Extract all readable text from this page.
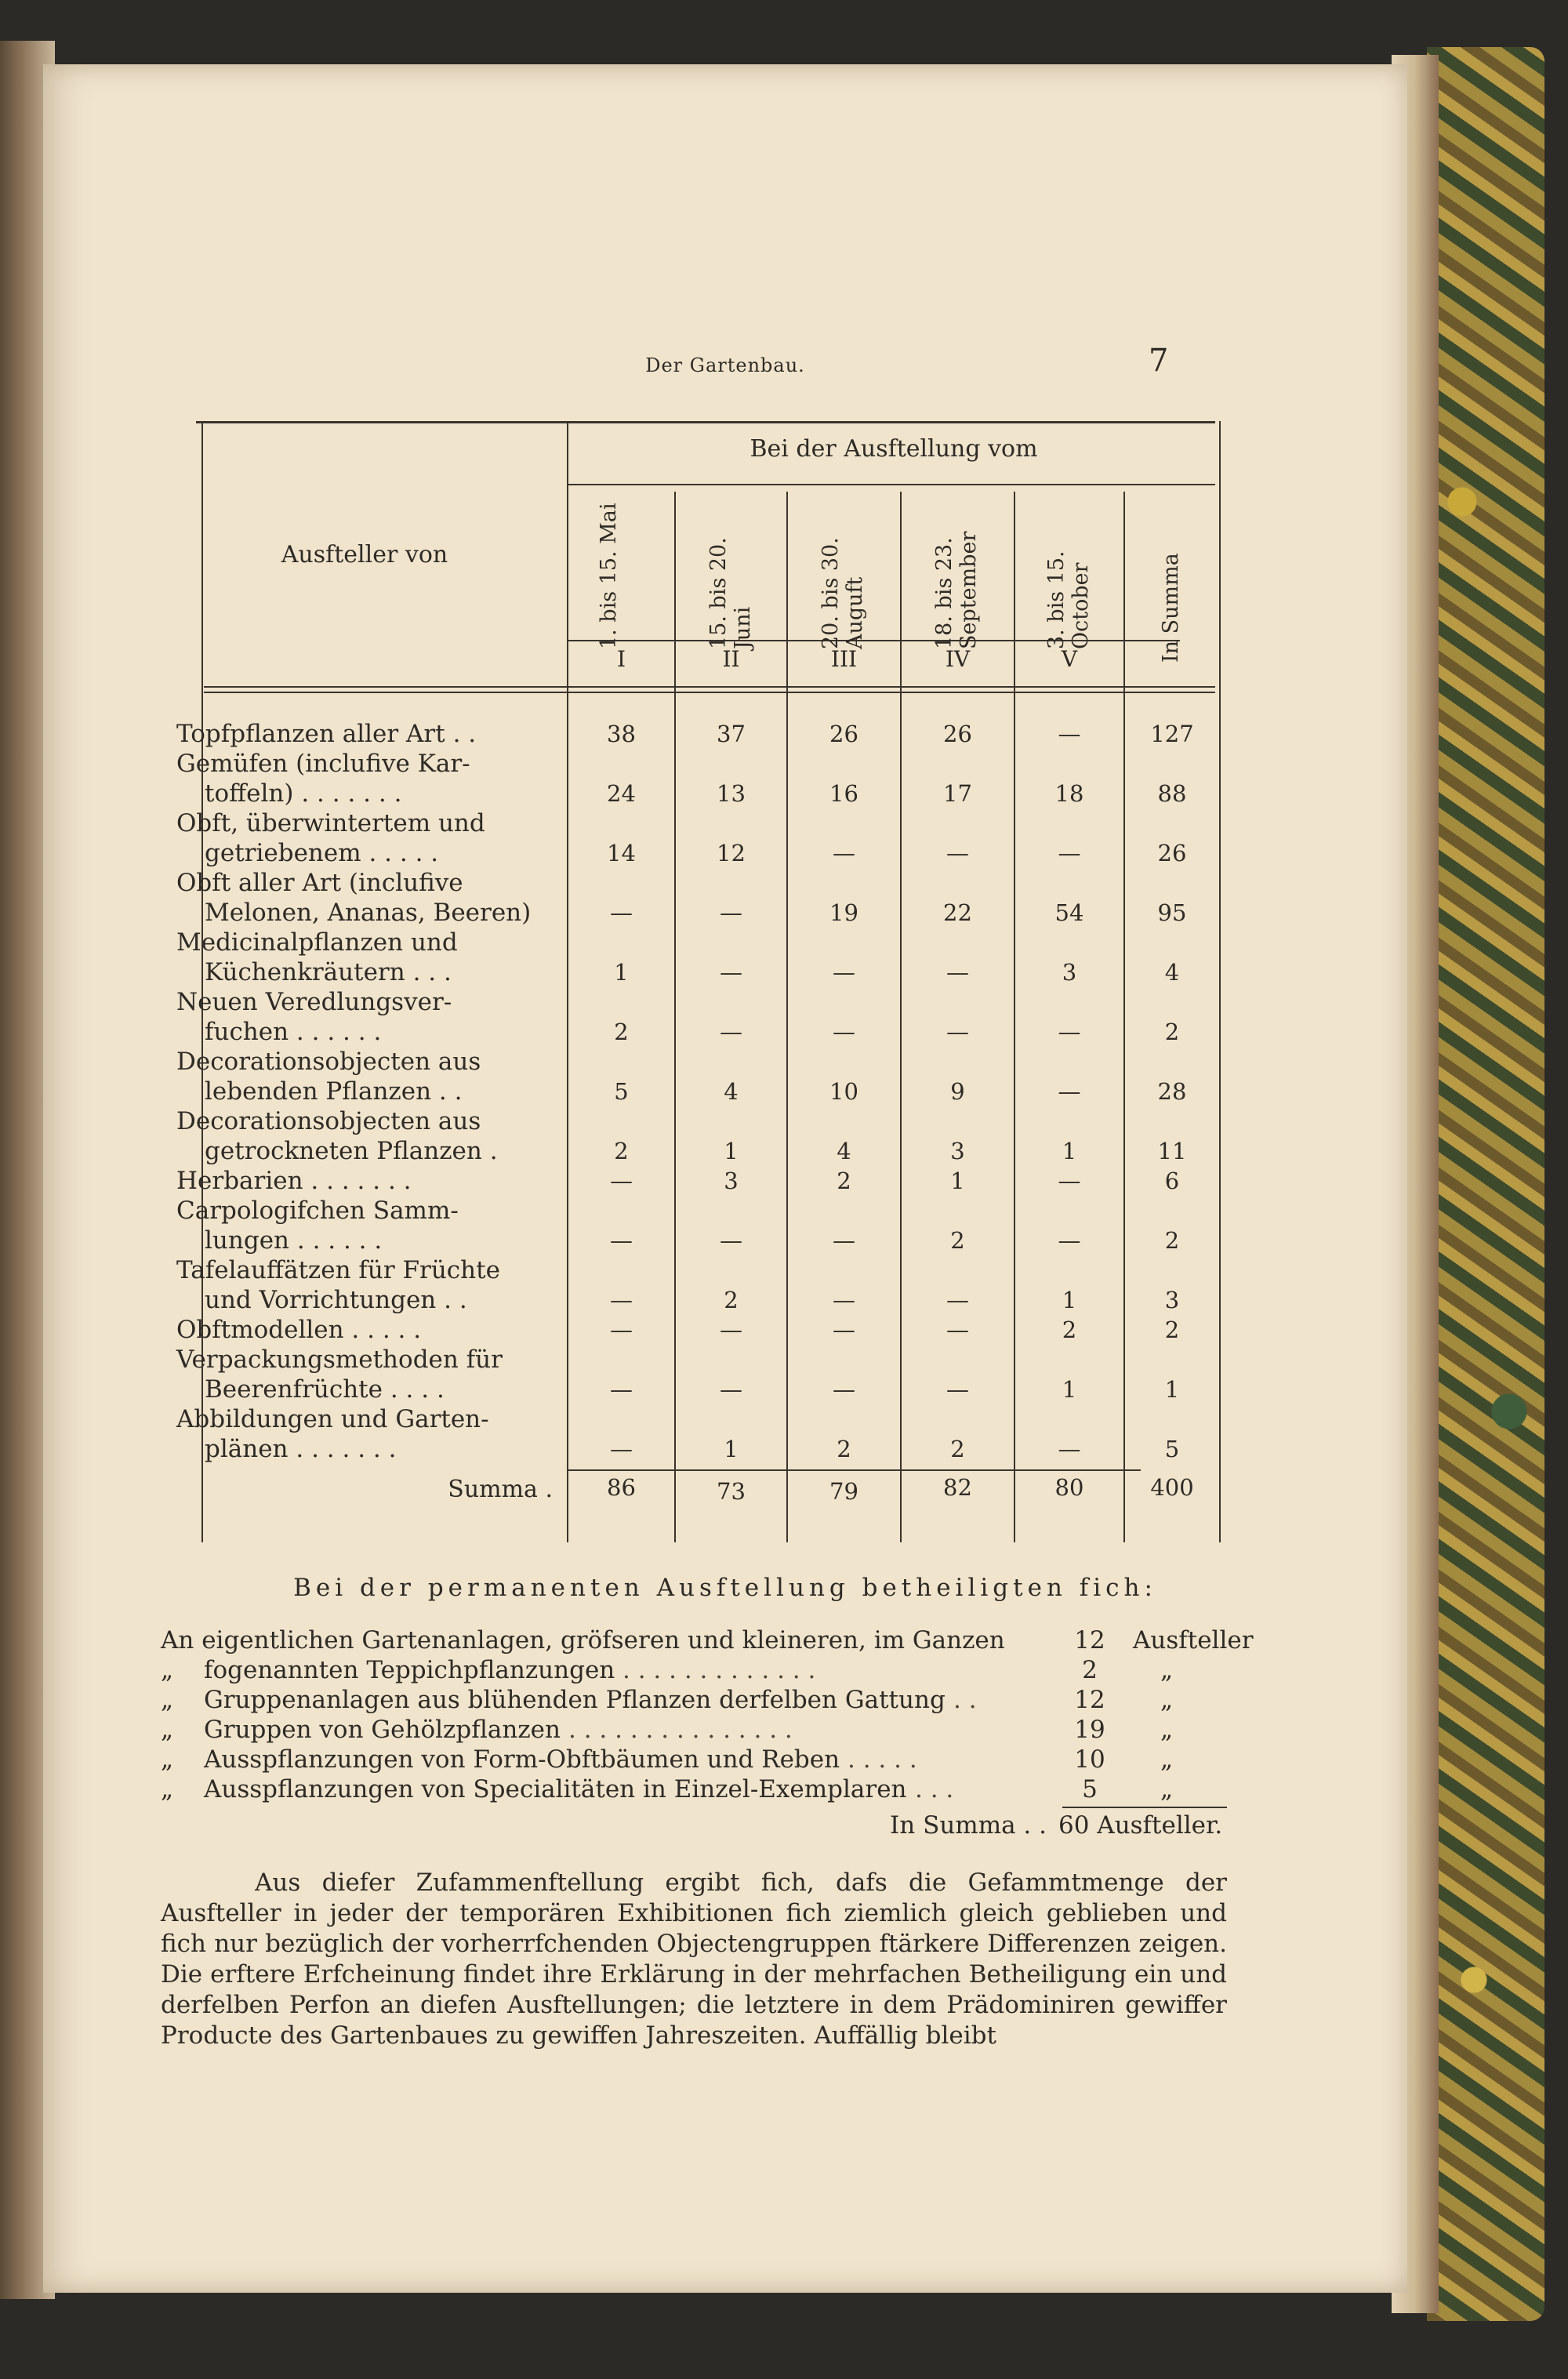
Der Gartenbau.	7
Bei der Ausftellung vom
Ausfteller von	1. bis 15. Mai	15. bis 20. Juni	20. bis 30. Auguft	18. bis 23. September	3. bis 15. October	In Summa
I	II	III	IV	V
Topfpflanzen aller Art . .	38	37	26	26	—	127
Gemüfen (inclufive Kar-
toffeln) . . . . . . .	24	13	16	17	18	88
Obft, überwintertem und
getriebenem . . . . .	14	12	—	—	—	26
Obft aller Art (inclufive
Melonen, Ananas, Beeren)	—	—	19	22	54	95
Medicinalpflanzen und
Küchenkräutern . . .	1	—	—	—	3	4
Neuen Veredlungsver-
fuchen . . . . . .	2	—	—	—	—	2
Decorationsobjecten aus
lebenden Pflanzen . .	5	4	10	9	—	28
Decorationsobjecten aus
getrockneten Pflanzen .	2	1	4	3	1	11
Herbarien . . . . . . .	—	3	2	1	—	6
Carpologifchen Samm-
lungen . . . . . .	—	—	—	2	—	2
Tafelauffätzen für Früchte
und Vorrichtungen . .	—	2	—	—	1	3
Obftmodellen . . . . .	—	—	—	—	2	2
Verpackungsmethoden für
Beerenfrüchte . . . .	—	—	—	—	1	1
Abbildungen und Garten-
plänen . . . . . . .	—	1	2	2	—	5
Summa .	86	73	79	82	80	400
Bei der permanenten Ausftellung betheiligten fich:
An eigentlichen Gartenanlagen, gröfseren und kleineren, im Ganzen	12	Ausfteller
„ fogenannten Teppichpflanzungen . . . . . . . . . . . . .	2	„
„ Gruppenanlagen aus blühenden Pflanzen derfelben Gattung . .	12	„
„ Gruppen von Gehölzpflanzen . . . . . . . . . . . . . . .	19	„
„ Ausspflanzungen von Form-Obftbäumen und Reben . . . . .	10	„
„ Ausspflanzungen von Specialitäten in Einzel-Exemplaren . . .	5	„
In Summa . . 60 Ausfteller.

Aus diefer Zufammenftellung ergibt fich, dafs die Gefammtmenge der Ausfteller in jeder der temporären Exhibitionen fich ziemlich gleich geblieben und fich nur bezüglich der vorherrfchenden Objectengruppen ftärkere Differenzen zeigen. Die erftere Erfcheinung findet ihre Erklärung in der mehrfachen Betheiligung ein und derfelben Perfon an diefen Ausftellungen; die letztere in dem Prädominiren gewiffer Producte des Gartenbaues zu gewiffen Jahreszeiten. Auffällig bleibt
